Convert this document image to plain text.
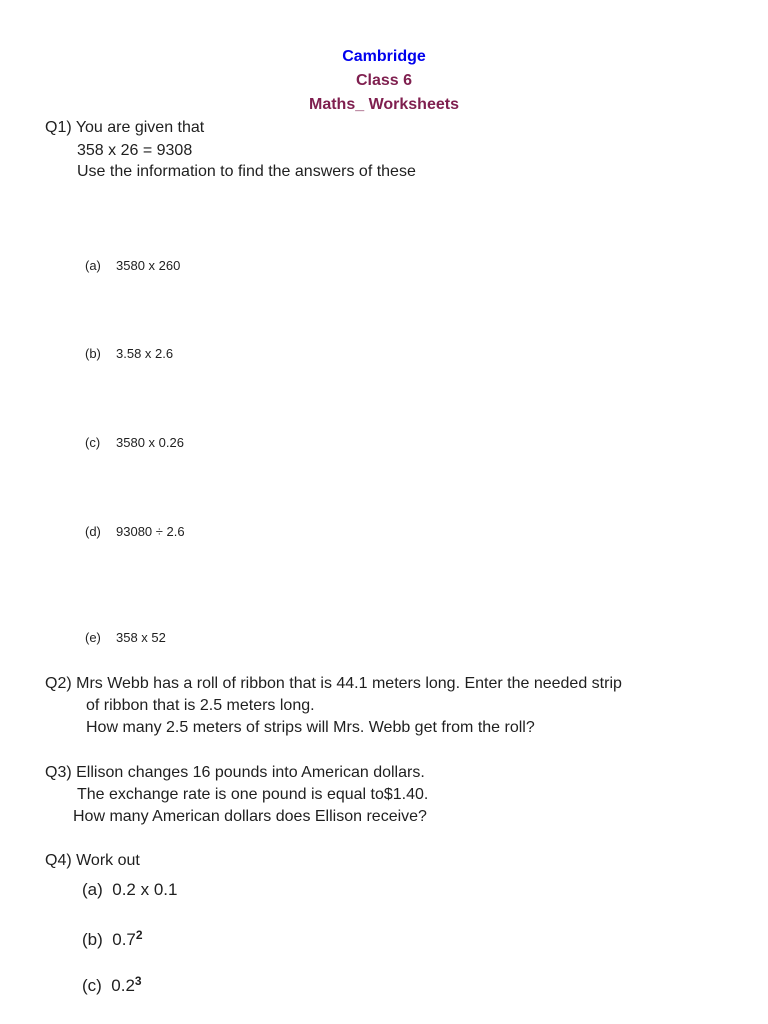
Cambridge
Class 6
Maths_ Worksheets
Q1) You are given that
358 x 26 = 9308
Use the information to find the answers of these
(a) 3580 x 260
(b) 3.58 x 2.6
(c) 3580 x 0.26
(d) 93080 ÷ 2.6
(e) 358 x 52
Q2) Mrs Webb has a roll of ribbon that is 44.1 meters long. Enter the needed strip
of ribbon that is 2.5 meters long.
How many 2.5 meters of strips will Mrs. Webb get from the roll?
Q3) Ellison changes 16 pounds into American dollars.
The exchange rate is one pound is equal to$1.40.
How many American dollars does Ellison receive?
Q4) Work out
(a) 0.2 x 0.1
(b) $0.7^2$
(c) $0.2^3$
